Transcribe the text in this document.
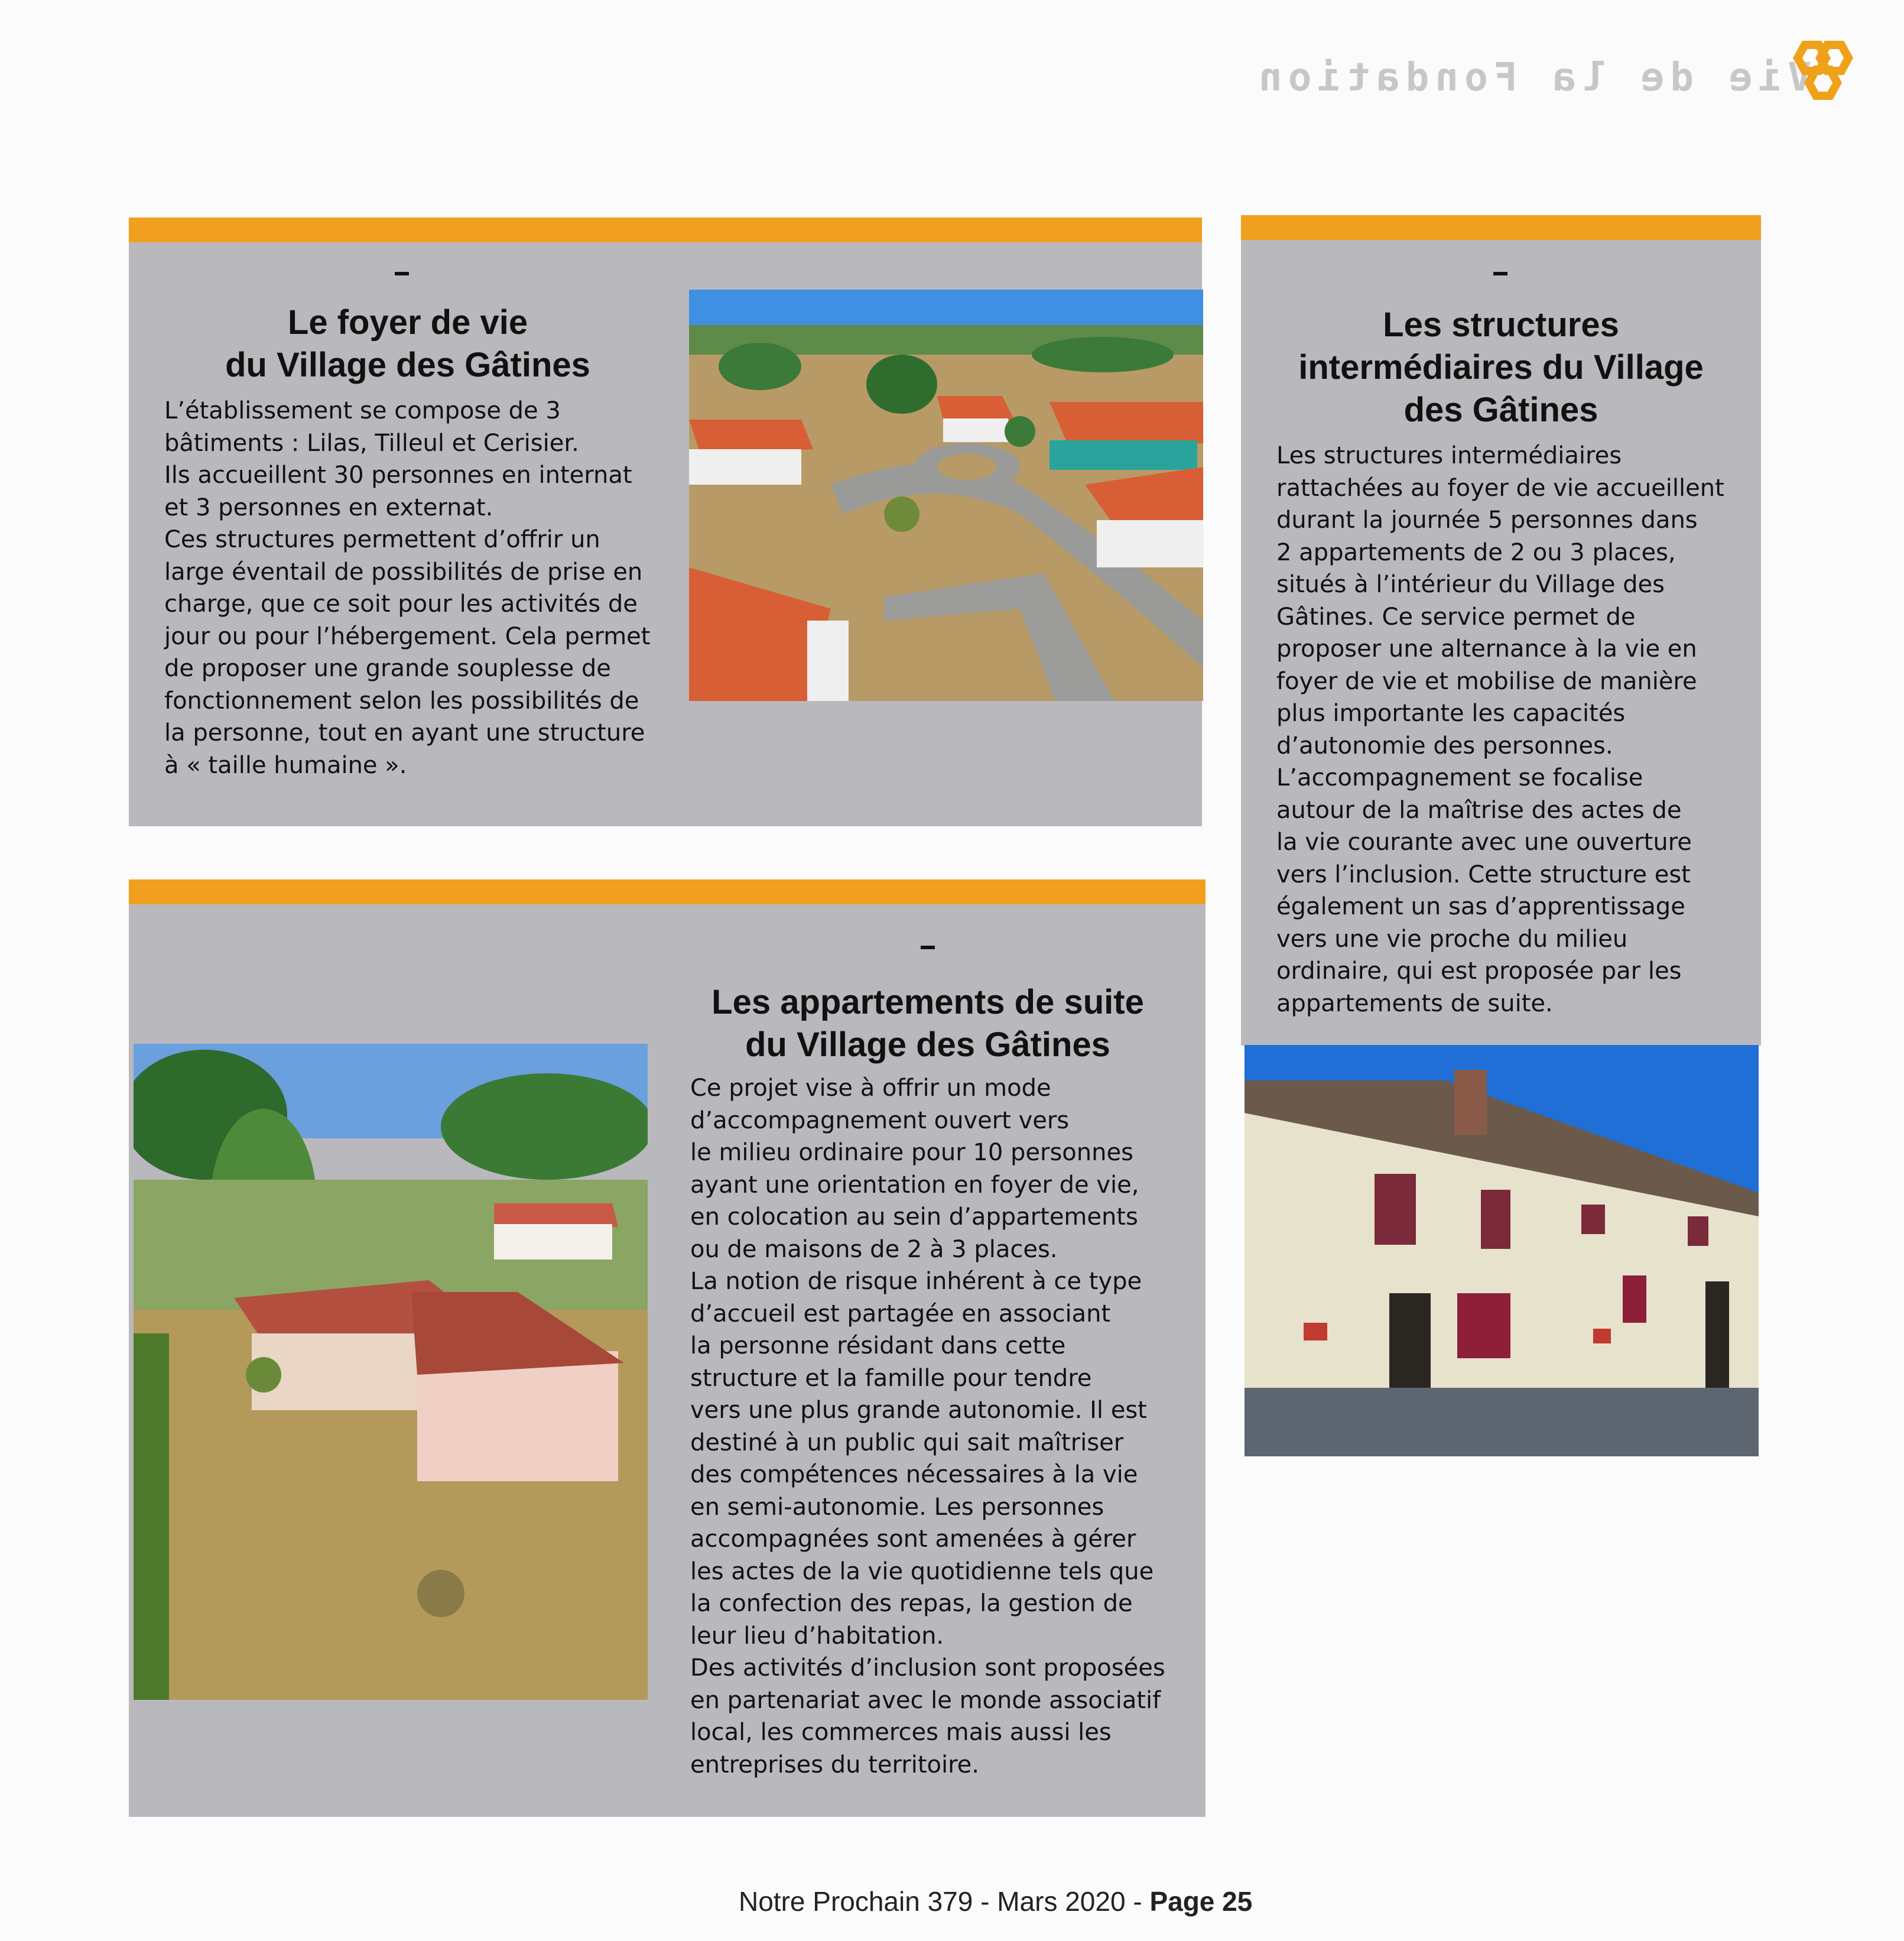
Vie de la Fondation
Le foyer de vie
du Village des Gâtines
L’établissement se compose de 3
bâtiments : Lilas, Tilleul et Cerisier.
Ils accueillent 30 personnes en internat
et 3 personnes en externat.
Ces structures permettent d’offrir un
large éventail de possibilités de prise en
charge, que ce soit pour les activités de
jour ou pour l’hébergement. Cela permet
de proposer une grande souplesse de
fonctionnement selon les possibilités de
la personne, tout en ayant une structure
à « taille humaine ».
Les structures
intermédiaires du Village
des Gâtines
Les structures intermédiaires
rattachées au foyer de vie accueillent
durant la journée 5 personnes dans
2 appartements de 2 ou 3 places,
situés à l’intérieur du Village des
Gâtines. Ce service permet de
proposer une alternance à la vie en
foyer de vie et mobilise de manière
plus importante les capacités
d’autonomie des personnes.
L’accompagnement se focalise
autour de la maîtrise des actes de
la vie courante avec une ouverture
vers l’inclusion. Cette structure est
également un sas d’apprentissage
vers une vie proche du milieu
ordinaire, qui est proposée par les
appartements de suite.
Les appartements de suite
du Village des Gâtines
Ce projet vise à offrir un mode
d’accompagnement ouvert vers
le milieu ordinaire pour 10 personnes
ayant une orientation en foyer de vie,
en colocation au sein d’appartements
ou de maisons de 2 à 3 places.
La notion de risque inhérent à ce type
d’accueil est partagée en associant
la personne résidant dans cette
structure et la famille pour tendre
vers une plus grande autonomie. Il est
destiné à un public qui sait maîtriser
des compétences nécessaires à la vie
en semi-autonomie. Les personnes
accompagnées sont amenées à gérer
les actes de la vie quotidienne tels que
la confection des repas, la gestion de
leur lieu d’habitation.
Des activités d’inclusion sont proposées
en partenariat avec le monde associatif
local, les commerces mais aussi les
entreprises du territoire.
Notre Prochain 379 - Mars 2020 - Page 25
